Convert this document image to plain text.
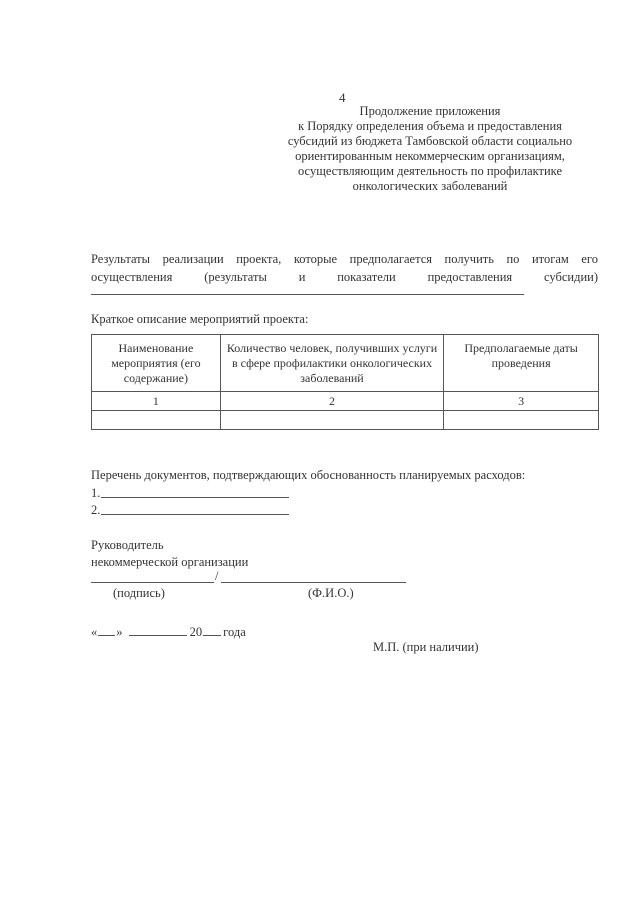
4
Продолжение приложения
к Порядку определения объема и предоставления
субсидий из бюджета Тамбовской области социально
ориентированным некоммерческим организациям,
осуществляющим деятельность по профилактике
онкологических заболеваний
Результаты реализации проекта, которые предполагается получить по итогам его
осуществления	(результаты	и	показатели	предоставления	субсидии)
Краткое описание мероприятий проекта:
Наименование мероприятия (его содержание)	Количество человек, получивших услуги в сфере профилактики онкологических заболеваний	Предполагаемые даты проведения
1	2	3

Перечень документов, подтверждающих обоснованность планируемых расходов:
1.
2.
Руководитель
некоммерческой организации
/
(подпись)	(Ф.И.О.)
« »	20 года
М.П. (при наличии)
